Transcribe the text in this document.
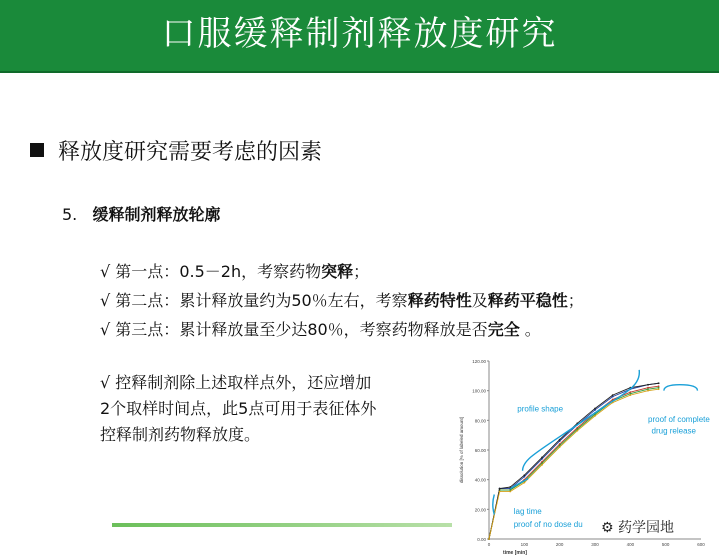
口服缓释制剂释放度研究
释放度研究需要考虑的因素
5. 缓释制剂释放轮廓
√ 第一点：0.5－2h，考察药物突释；
√ 第二点：累计释放量约为50％左右，考察释药特性及释药平稳性；
√ 第三点：累计释放量至少达80％，考察药物释放是否完全 。
√ 控释制剂除上述取样点外，还应增加
2个取样时间点，此5点可用于表征体外
控释制剂药物释放度。
0.00
20.00
40.00
60.00
80.00
100.00
120.00
0	100	200	300	400	500	600
dissolution [% of labeled amount]
time [min]
profile shape
proof of complete
drug release
lag time
proof of no dose du ⚙ 药学园地
